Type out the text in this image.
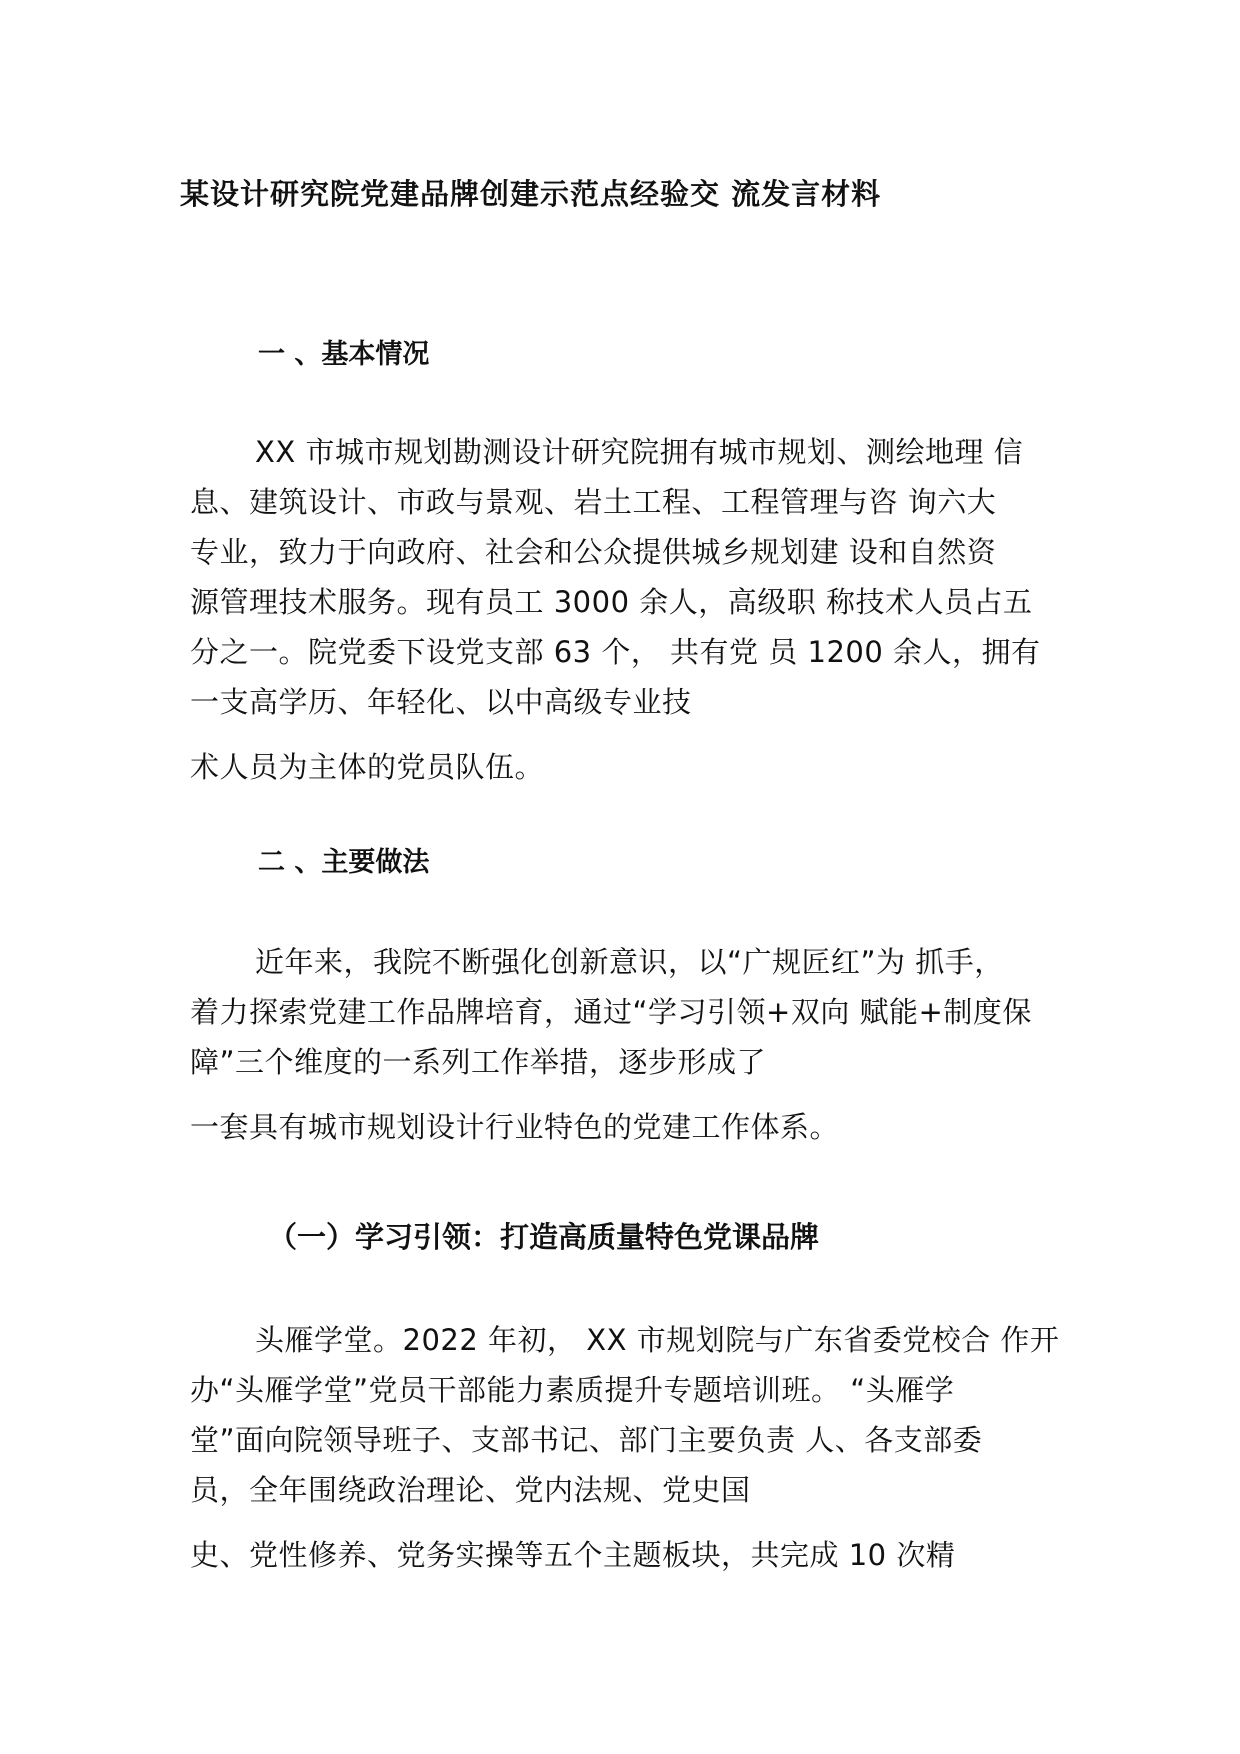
某设计研究院党建品牌创建示范点经验交 流发言材料
一 、基本情况
XX 市城市规划勘测设计研究院拥有城市规划、测绘地理 信
息、建筑设计、市政与景观、岩土工程、工程管理与咨 询六大
专业，致力于向政府、社会和公众提供城乡规划建 设和自然资
源管理技术服务。现有员工 3000 余人，高级职 称技术人员占五
分之一。院党委下设党支部 63 个， 共有党 员 1200 余人，拥有
一支高学历、年轻化、以中高级专业技
术人员为主体的党员队伍。
二 、主要做法
近年来，我院不断强化创新意识，以“广规匠红”为 抓手，
着力探索党建工作品牌培育，通过“学习引领+双向 赋能+制度保
障”三个维度的一系列工作举措，逐步形成了
一套具有城市规划设计行业特色的党建工作体系。
（一）学习引领：打造高质量特色党课品牌
头雁学堂。2022 年初， XX 市规划院与广东省委党校合 作开
办“头雁学堂”党员干部能力素质提升专题培训班。 “头雁学
堂”面向院领导班子、支部书记、部门主要负责 人、各支部委
员，全年围绕政治理论、党内法规、党史国
史、党性修养、党务实操等五个主题板块，共完成 10 次精
